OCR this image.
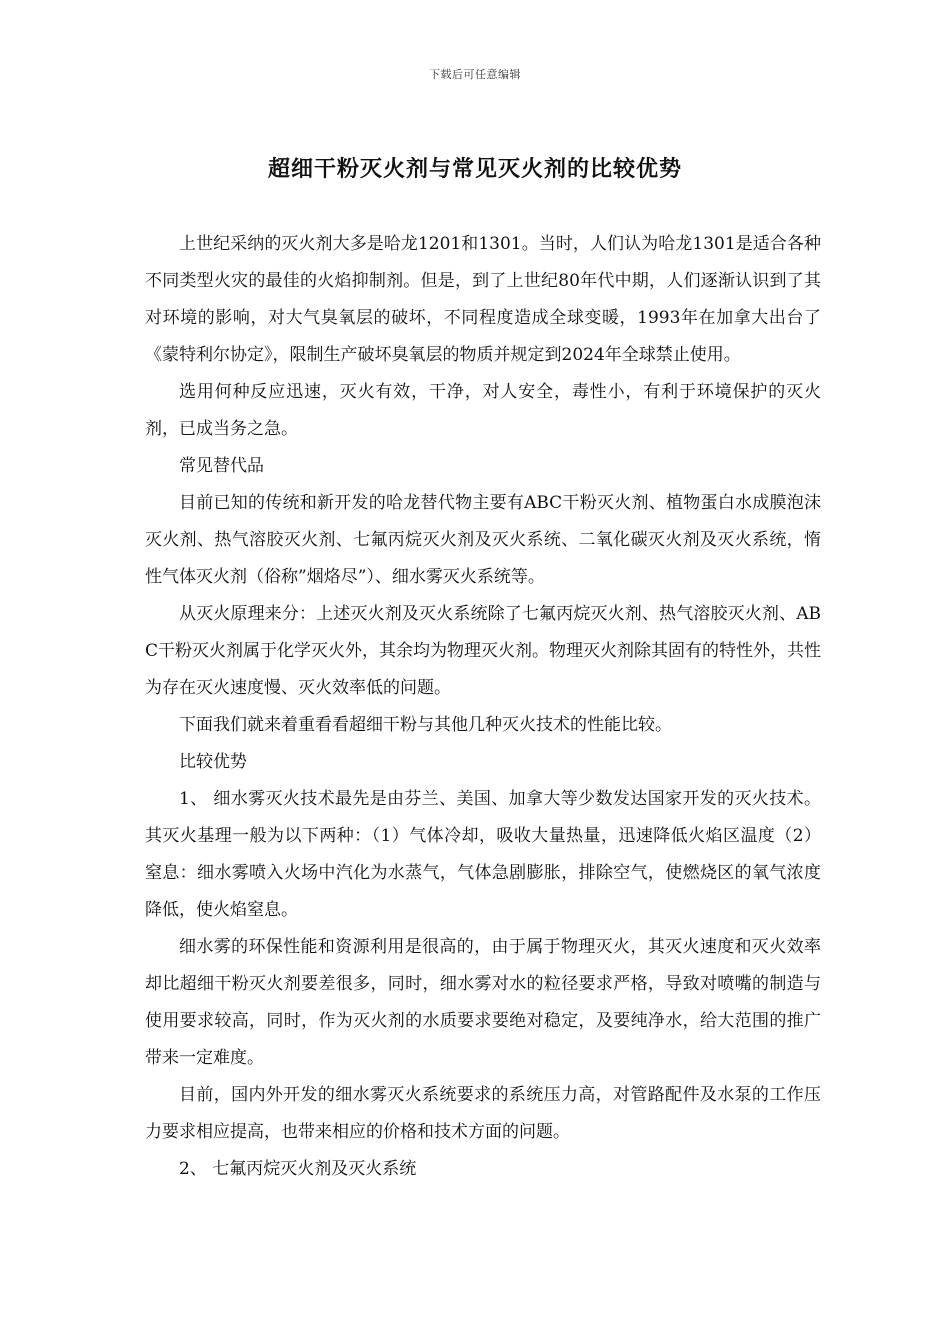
下载后可任意编辑
超细干粉灭火剂与常见灭火剂的比较优势

上世纪采纳的灭火剂大多是哈龙1201和1301。当时，人们认为哈龙1301是适合各种不同类型火灾的最佳的火焰抑制剂。但是，到了上世纪80年代中期，人们逐渐认识到了其对环境的影响，对大气臭氧层的破坏，不同程度造成全球变暖，1993年在加拿大出台了《蒙特利尔协定》，限制生产破坏臭氧层的物质并规定到2024年全球禁止使用。

选用何种反应迅速，灭火有效，干净，对人安全，毒性小，有利于环境保护的灭火剂，已成当务之急。

常见替代品

目前已知的传统和新开发的哈龙替代物主要有ABC干粉灭火剂、植物蛋白水成膜泡沫灭火剂、热气溶胶灭火剂、七氟丙烷灭火剂及灭火系统、二氧化碳灭火剂及灭火系统，惰性气体灭火剂（俗称”烟烙尽”）、细水雾灭火系统等。

从灭火原理来分：上述灭火剂及灭火系统除了七氟丙烷灭火剂、热气溶胶灭火剂、ABC干粉灭火剂属于化学灭火外，其余均为物理灭火剂。物理灭火剂除其固有的特性外，共性为存在灭火速度慢、灭火效率低的问题。

下面我们就来着重看看超细干粉与其他几种灭火技术的性能比较。

比较优势

1、 细水雾灭火技术最先是由芬兰、美国、加拿大等少数发达国家开发的灭火技术。其灭火基理一般为以下两种：（1）气体冷却，吸收大量热量，迅速降低火焰区温度（2）窒息：细水雾喷入火场中汽化为水蒸气，气体急剧膨胀，排除空气，使燃烧区的氧气浓度降低，使火焰窒息。

细水雾的环保性能和资源利用是很高的，由于属于物理灭火，其灭火速度和灭火效率却比超细干粉灭火剂要差很多，同时，细水雾对水的粒径要求严格，导致对喷嘴的制造与使用要求较高，同时，作为灭火剂的水质要求要绝对稳定，及要纯净水，给大范围的推广带来一定难度。

目前，国内外开发的细水雾灭火系统要求的系统压力高，对管路配件及水泵的工作压力要求相应提高，也带来相应的价格和技术方面的问题。

2、 七氟丙烷灭火剂及灭火系统
